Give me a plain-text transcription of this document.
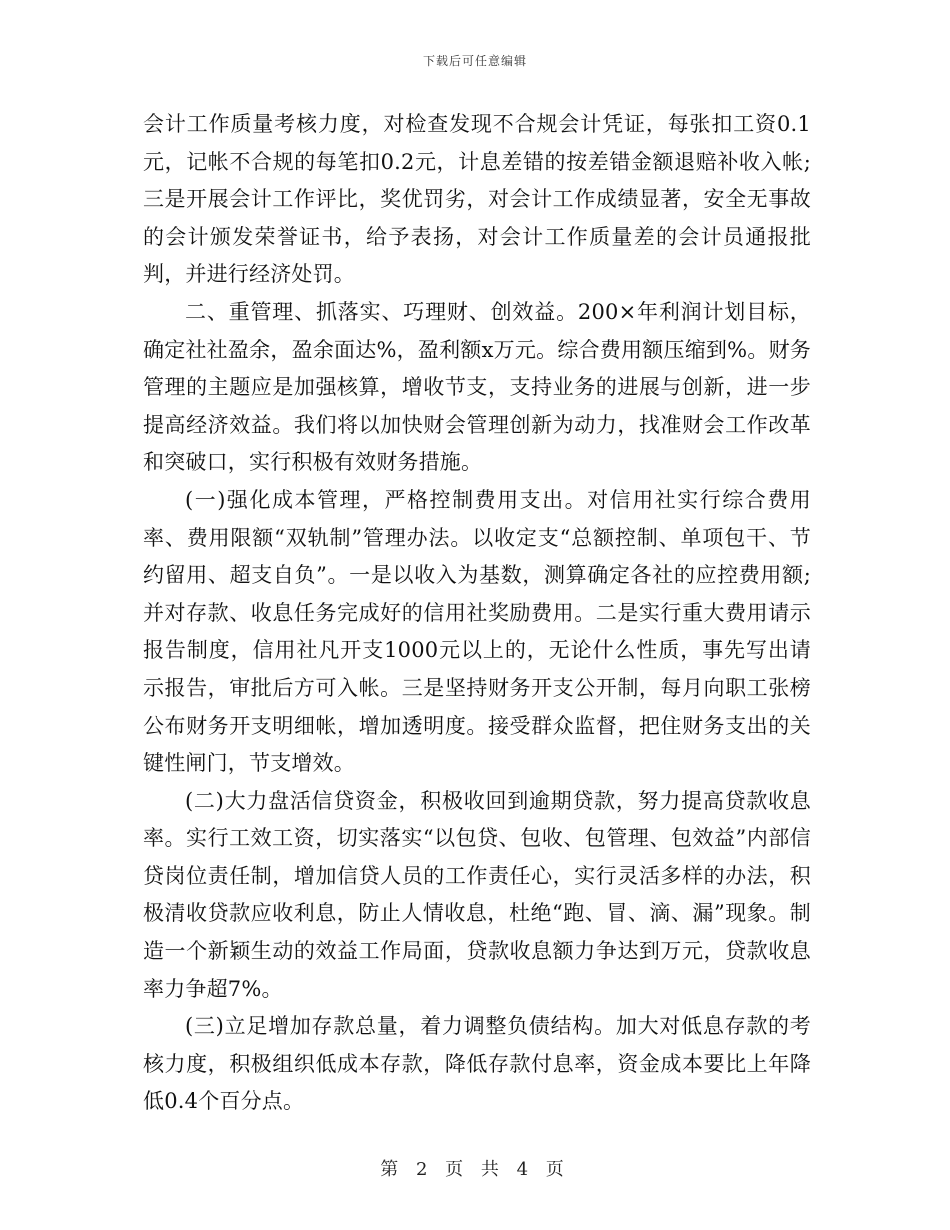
下载后可任意编辑

会计工作质量考核力度，对检查发现不合规会计凭证，每张扣工资0.1元，记帐不合规的每笔扣0.2元，计息差错的按差错金额退赔补收入帐;三是开展会计工作评比，奖优罚劣，对会计工作成绩显著，安全无事故的会计颁发荣誉证书，给予表扬，对会计工作质量差的会计员通报批判，并进行经济处罚。

二、重管理、抓落实、巧理财、创效益。200×年利润计划目标，确定社社盈余，盈余面达%，盈利额x万元。综合费用额压缩到%。财务管理的主题应是加强核算，增收节支，支持业务的进展与创新，进一步提高经济效益。我们将以加快财会管理创新为动力，找准财会工作改革和突破口，实行积极有效财务措施。

(一)强化成本管理，严格控制费用支出。对信用社实行综合费用率、费用限额“双轨制”管理办法。以收定支“总额控制、单项包干、节约留用、超支自负”。一是以收入为基数，测算确定各社的应控费用额;并对存款、收息任务完成好的信用社奖励费用。二是实行重大费用请示报告制度，信用社凡开支1000元以上的，无论什么性质，事先写出请示报告，审批后方可入帐。三是坚持财务开支公开制，每月向职工张榜公布财务开支明细帐，增加透明度。接受群众监督，把住财务支出的关键性闸门，节支增效。

(二)大力盘活信贷资金，积极收回到逾期贷款，努力提高贷款收息率。实行工效工资，切实落实“以包贷、包收、包管理、包效益”内部信贷岗位责任制，增加信贷人员的工作责任心，实行灵活多样的办法，积极清收贷款应收利息，防止人情收息，杜绝“跑、冒、滴、漏”现象。制造一个新颖生动的效益工作局面，贷款收息额力争达到万元，贷款收息率力争超7%。

(三)立足增加存款总量，着力调整负债结构。加大对低息存款的考核力度，积极组织低成本存款，降低存款付息率，资金成本要比上年降低0.4个百分点。

第 2 页 共 4 页
